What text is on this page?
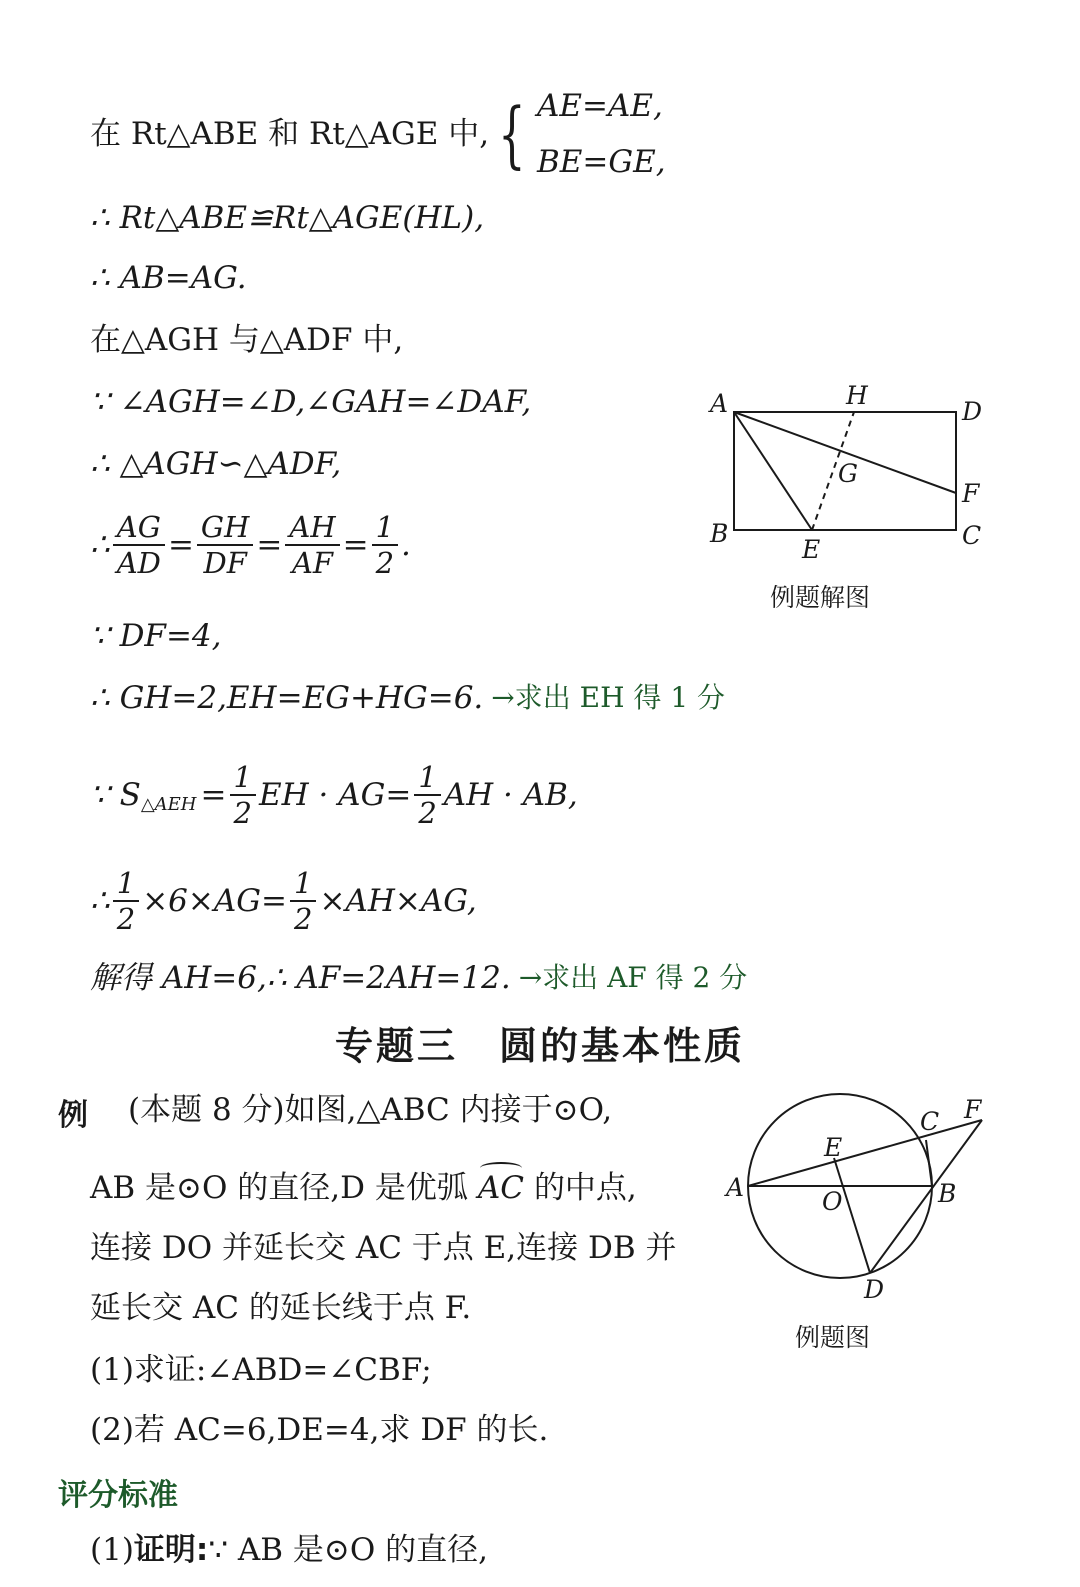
在 Rt△ABE 和 Rt△AGE 中, { AE=AE,
BE=GE,
∴ Rt△ABE≌Rt△AGE(HL),
∴ AB=AG.
在△AGH 与△ADF 中,
∵ ∠AGH=∠D,∠GAH=∠DAF,
∴ △AGH∽△ADF,
∴ $\frac{AG}{AD} = \frac{GH}{DF} = \frac{AH}{AF} = \frac{1}{2}$ .
∵ DF=4,
∴ GH=2,EH=EG+HG=6. →求出 EH 得 1 分
∵ S △AEH = $\frac{1}{2}$ EH · $AG= \frac{1}{2}$ AH · AB,
∴ $\frac{1}{2} \times 6\times AG= \frac{1}{2} \times AH\times AG$,
解得 AH=6,∴ AF=2AH=12. →求出 AF 得 2 分
A	H
D
G
F
B
E	C
例题解图
专题三　圆的基本性质
例 (本题 8 分)如图,△ABC 内接于⊙O,
AB 是⊙O 的直径,D 是优弧 AC 的中点,
连接 DO 并延长交 AC 于点 E,连接 DB 并
延长交 AC 的延长线于点 F.
(1)求证:∠ABD=∠CBF;
(2)若 AC=6,DE=4,求 DF 的长.
A	B
C F
E
O
D
例题图
评分标准
(1) 证明: ∵ AB 是⊙O 的直径,
